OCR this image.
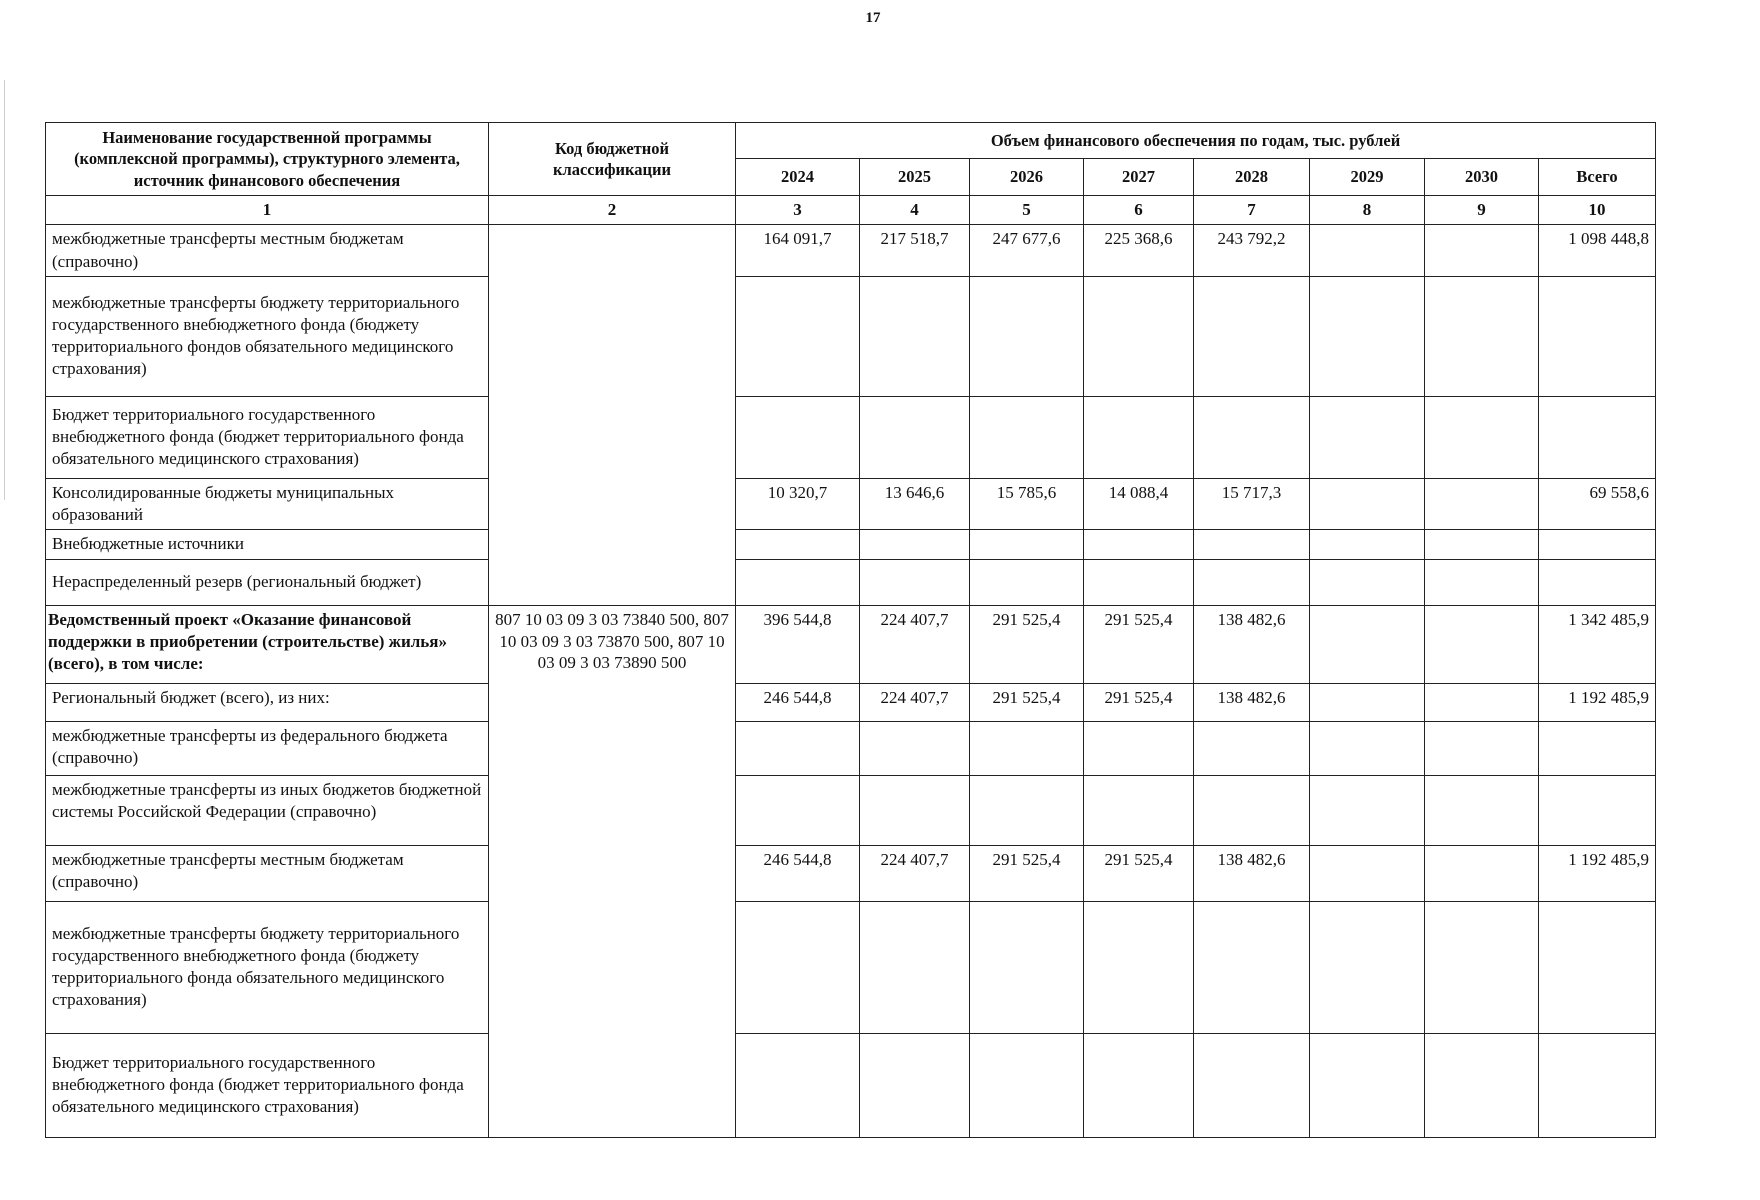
17
Наименование государственной программы (комплексной программы), структурного элемента, источник финансового обеспечения	Код бюджетной классификации	Объем финансового обеспечения по годам, тыс. рублей							
		2024	2025	2026	2027	2028	2029	2030	Всего
1	2	3	4	5	6	7	8	9	10
межбюджетные трансферты местным бюджетам (справочно)		164 091,7	217 518,7	247 677,6	225 368,6	243 792,2			1 098 448,8
межбюджетные трансферты бюджету территориального государственного внебюджетного фонда (бюджету территориального фондов обязательного медицинского страхования)									
Бюджет территориального государственного внебюджетного фонда (бюджет территориального фонда обязательного медицинского страхования)									
Консолидированные бюджеты муниципальных образований		10 320,7	13 646,6	15 785,6	14 088,4	15 717,3			69 558,6
Внебюджетные источники									
Нераспределенный резерв (региональный бюджет)									
Ведомственный проект «Оказание финансовой поддержки в приобретении (строительстве) жилья» (всего), в том числе:	807 10 03 09 3 03 73840 500, 807 10 03 09 3 03 73870 500, 807 10 03 09 3 03 73890 500	396 544,8	224 407,7	291 525,4	291 525,4	138 482,6			1 342 485,9
Региональный бюджет (всего), из них:		246 544,8	224 407,7	291 525,4	291 525,4	138 482,6			1 192 485,9
межбюджетные трансферты из федерального бюджета (справочно)									
межбюджетные трансферты из иных бюджетов бюджетной системы Российской Федерации (справочно)									
межбюджетные трансферты местным бюджетам (справочно)		246 544,8	224 407,7	291 525,4	291 525,4	138 482,6			1 192 485,9
межбюджетные трансферты бюджету территориального государственного внебюджетного фонда (бюджету территориального фонда обязательного медицинского страхования)									
Бюджет территориального государственного внебюджетного фонда (бюджет территориального фонда обязательного медицинского страхования)									
